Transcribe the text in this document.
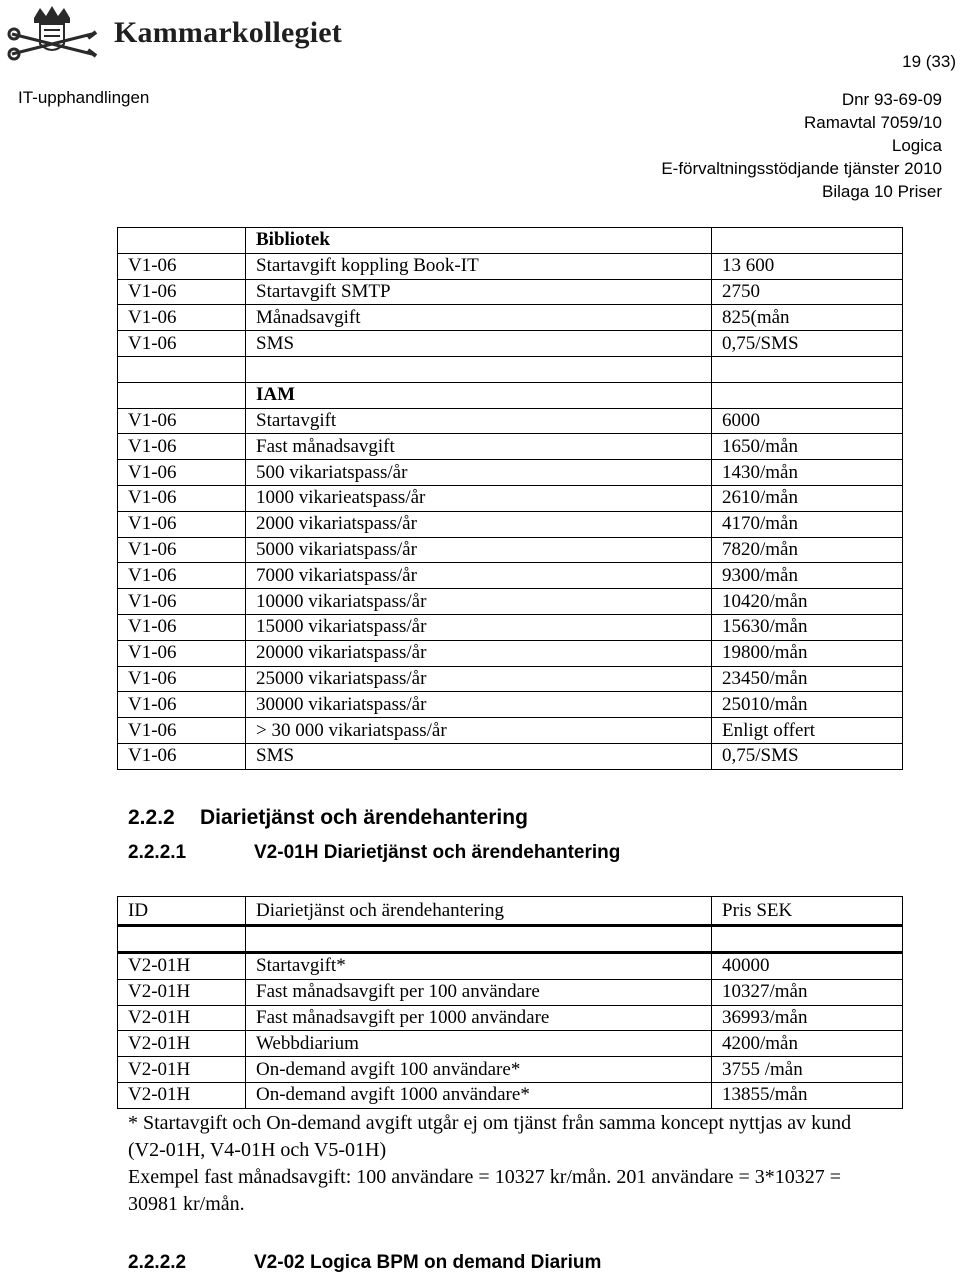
Kammarkollegiet
19 (33)
IT-upphandlingen	Dnr 93-69-09
Ramavtal 7059/10
Logica
E-förvaltningsstödjande tjänster 2010
Bilaga 10 Priser
	Bibliotek	
V1-06	Startavgift koppling Book-IT	13 600
V1-06	Startavgift SMTP	2750
V1-06	Månadsavgift	825(mån
V1-06	SMS	0,75/SMS

	IAM	
V1-06	Startavgift	6000
V1-06	Fast månadsavgift	1650/mån
V1-06	500 vikariatspass/år	1430/mån
V1-06	1000 vikarieatspass/år	2610/mån
V1-06	2000 vikariatspass/år	4170/mån
V1-06	5000 vikariatspass/år	7820/mån
V1-06	7000 vikariatspass/år	9300/mån
V1-06	10000 vikariatspass/år	10420/mån
V1-06	15000 vikariatspass/år	15630/mån
V1-06	20000 vikariatspass/år	19800/mån
V1-06	25000 vikariatspass/år	23450/mån
V1-06	30000 vikariatspass/år	25010/mån
V1-06	> 30 000 vikariatspass/år	Enligt offert
V1-06	SMS	0,75/SMS
2.2.2 Diarietjänst och ärendehantering
2.2.2.1	V2-01H Diarietjänst och ärendehantering
ID	Diarietjänst och ärendehantering	Pris SEK

V2-01H	Startavgift*	40000
V2-01H	Fast månadsavgift per 100 användare	10327/mån
V2-01H	Fast månadsavgift per 1000 användare	36993/mån
V2-01H	Webbdiarium	4200/mån
V2-01H	On-demand avgift 100 användare*	3755 /mån
V2-01H	On-demand avgift 1000 användare*	13855/mån

* Startavgift och On-demand avgift utgår ej om tjänst från samma koncept nyttjas av kund (V2-01H, V4-01H och V5-01H)

Exempel fast månadsavgift: 100 användare = 10327 kr/mån. 201 användare = 3*10327 = 30981 kr/mån.

2.2.2.2	V2-02 Logica BPM on demand Diarium
